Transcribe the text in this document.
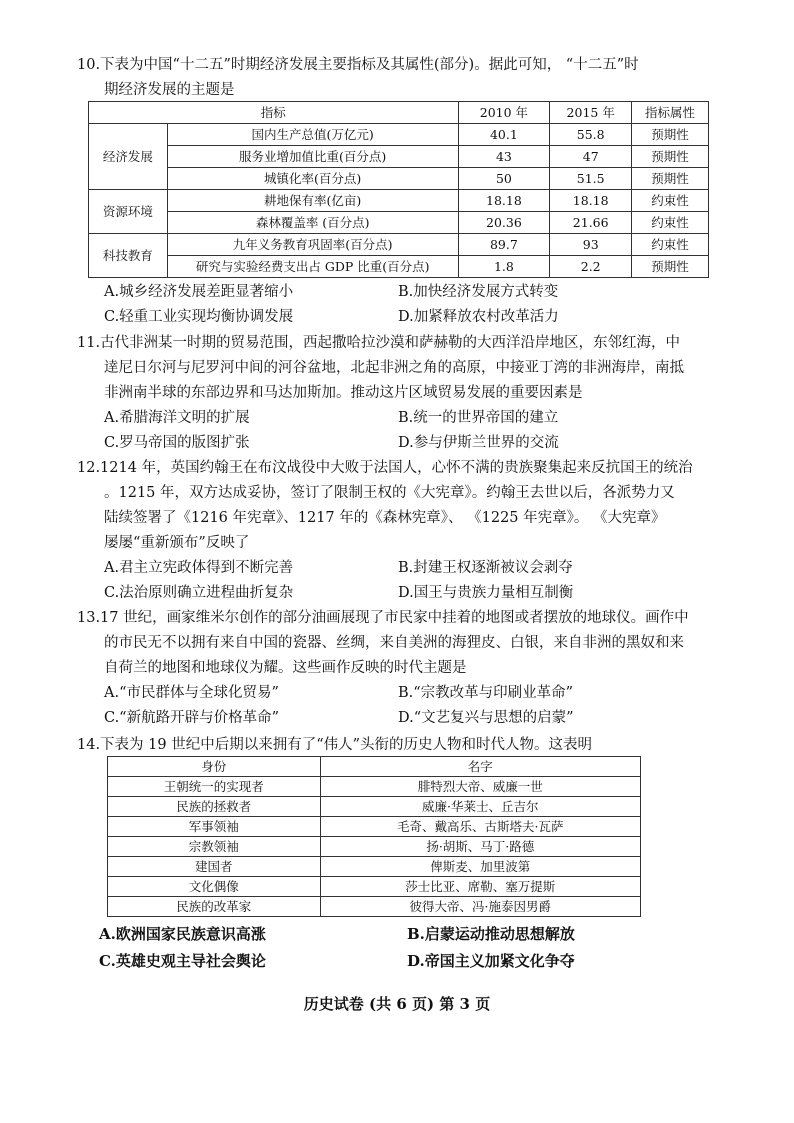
10.下表为中国“十二五”时期经济发展主要指标及其属性(部分)。据此可知， “十二五”时
期经济发展的主题是
指标		2010 年	2015 年	指标属性
经济发展	国内生产总值(万亿元)	40.1	55.8	预期性
	服务业增加值比重(百分点)	43	47	预期性
	城镇化率(百分点)	50	51.5	预期性
资源环境	耕地保有率(亿亩)	18.18	18.18	约束性
	森林覆盖率 (百分点)	20.36	21.66	约束性
科技教育	九年义务教育巩固率(百分点)	89.7	93	约束性
	研究与实验经费支出占 GDP 比重(百分点)	1.8	2.2	预期性
A.城乡经济发展差距显著缩小	B.加快经济发展方式转变
C.轻重工业实现均衡协调发展	D.加紧释放农村改革活力
11.古代非洲某一时期的贸易范围，西起撒哈拉沙漠和萨赫勒的大西洋沿岸地区，东邻红海，中
逹尼日尔河与尼罗河中间的河谷盆地，北起非洲之角的高原，中接亚丁湾的非洲海岸，南抵
非洲南半球的东部边界和马达加斯加。推动这片区域贸易发展的重要因素是
A.希腊海洋文明的扩展	B.统一的世界帝国的建立
C.罗马帝国的版图扩张	D.参与伊斯兰世界的交流
12.1214 年，英国约翰王在布汶战役中大败于法国人，心怀不满的贵族聚集起来反抗国王的统治
。1215 年，双方达成妥协，签订了限制王权的《大宪章》。约翰王去世以后，各派势力又
陆续签署了《1216 年宪章》、1217 年的《森林宪章》、 《1225 年宪章》。 《大宪章》
屡屡“重新颁布”反映了
A.君主立宪政体得到不断完善	B.封建王权逐渐被议会剥夺
C.法治原则确立进程曲折复杂	D.国王与贵族力量相互制衡
13.17 世纪，画家维米尔创作的部分油画展现了市民家中挂着的地图或者摆放的地球仪。画作中
的市民无不以拥有来自中国的瓷器、丝绸，来自美洲的海狸皮、白银，来自非洲的黑奴和来
自荷兰的地图和地球仪为耀。这些画作反映的时代主题是
A.“市民群体与全球化贸易”	B.“宗教改革与印刷业革命”
C.“新航路开辟与价格革命”	D.“文艺复兴与思想的启蒙”
14.下表为 19 世纪中后期以来拥有了“伟人”头衔的历史人物和时代人物。这表明
身份	名字
王朝统一的实现者	腓特烈大帝、威廉一世
民族的拯救者	威廉·华莱士、丘吉尔
军事领袖	毛奇、戴高乐、古斯塔夫·瓦萨
宗教领袖	扬·胡斯、马丁·路德
建国者	俾斯麦、加里波第
文化偶像	莎士比亚、席勒、塞万提斯
民族的改革家	彼得大帝、冯·施泰因男爵
A.欧洲国家民族意识高涨	B.启蒙运动推动思想解放
C.英雄史观主导社会舆论	D.帝国主义加紧文化争夺
历史试卷 (共 6 页) 第 3 页
